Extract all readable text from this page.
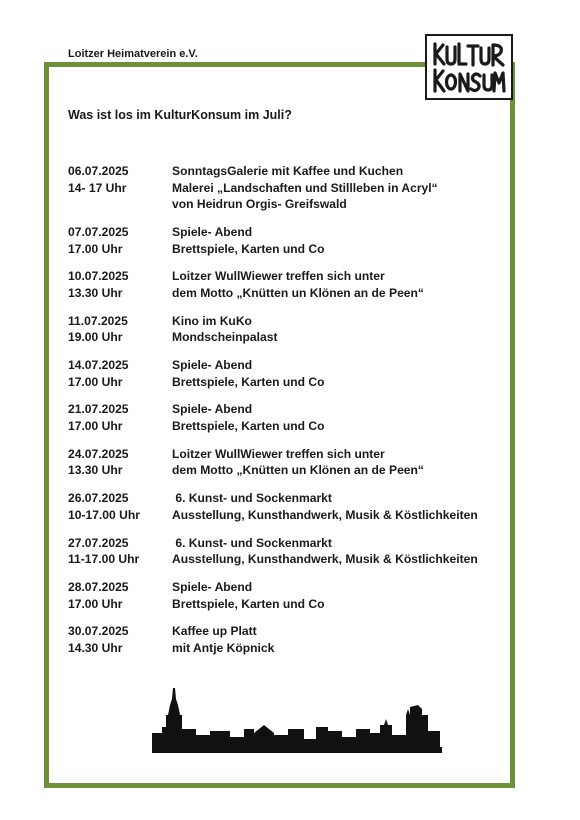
Loitzer Heimatverein e.V.
Was ist los im KulturKonsum im Juli?
06.07.2025	SonntagsGalerie mit Kaffee und Kuchen
14- 17 Uhr	Malerei „Landschaften und Stillleben in Acryl“
von Heidrun Orgis- Greifswald
07.07.2025	Spiele- Abend
17.00 Uhr	Brettspiele, Karten und Co
10.07.2025	Loitzer WullWiewer treffen sich unter
13.30 Uhr	dem Motto „Knütten un Klönen an de Peen“
11.07.2025	Kino im KuKo
19.00 Uhr	Mondscheinpalast
14.07.2025	Spiele- Abend
17.00 Uhr	Brettspiele, Karten und Co
21.07.2025	Spiele- Abend
17.00 Uhr	Brettspiele, Karten und Co
24.07.2025	Loitzer WullWiewer treffen sich unter
13.30 Uhr	dem Motto „Knütten un Klönen an de Peen“
26.07.2025	6. Kunst- und Sockenmarkt
10-17.00 Uhr	Ausstellung, Kunsthandwerk, Musik & Köstlichkeiten
27.07.2025	6. Kunst- und Sockenmarkt
11-17.00 Uhr	Ausstellung, Kunsthandwerk, Musik & Köstlichkeiten
28.07.2025	Spiele- Abend
17.00 Uhr	Brettspiele, Karten und Co
30.07.2025	Kaffee up Platt
14.30 Uhr	mit Antje Köpnick
